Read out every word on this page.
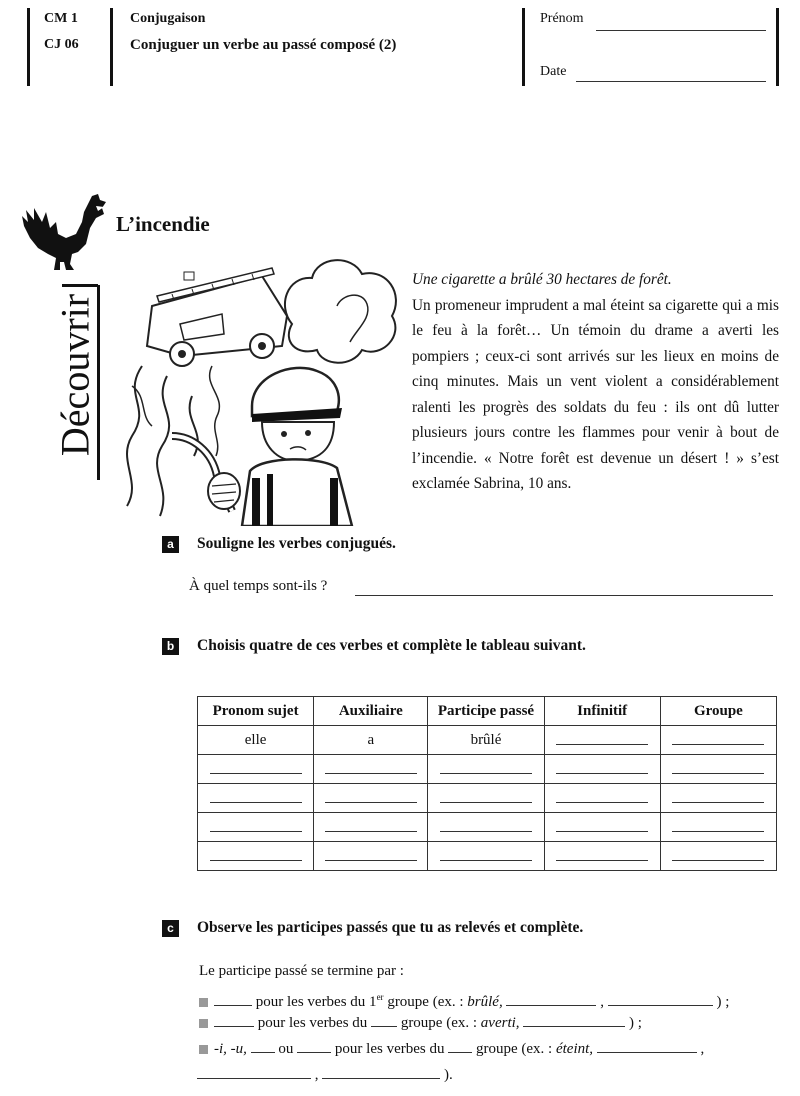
CM 1
CJ 06
Conjugaison
Conjuguer un verbe au passé composé (2)
Prénom
Date
Découvrir
L’incendie

Une cigarette a brûlé 30 hectares de forêt.

Un promeneur imprudent a mal éteint sa cigarette qui a mis le feu à la forêt… Un témoin du drame a averti les pompiers ; ceux-ci sont arrivés sur les lieux en moins de cinq minutes. Mais un vent violent a considérablement ralenti les progrès des soldats du feu : ils ont dû lutter plusieurs jours contre les flammes pour venir à bout de l’incendie. « Notre forêt est devenue un désert ! » s’est exclamée Sabrina, 10 ans.

a Souligne les verbes conjugués.
À quel temps sont-ils ?
b Choisis quatre de ces verbes et complète le tableau suivant.
Pronom sujet	Auxiliaire	Participe passé	Infinitif	Groupe
elle	a	brûlé		

c Observe les participes passés que tu as relevés et complète.
Le participe passé se termine par :
pour les verbes du 1er groupe (ex. : brûlé,	,	) ;
pour les verbes du groupe (ex. : averti,	) ;
-i, -u, ou	pour les verbes du groupe (ex. : éteint,	,
,	).
